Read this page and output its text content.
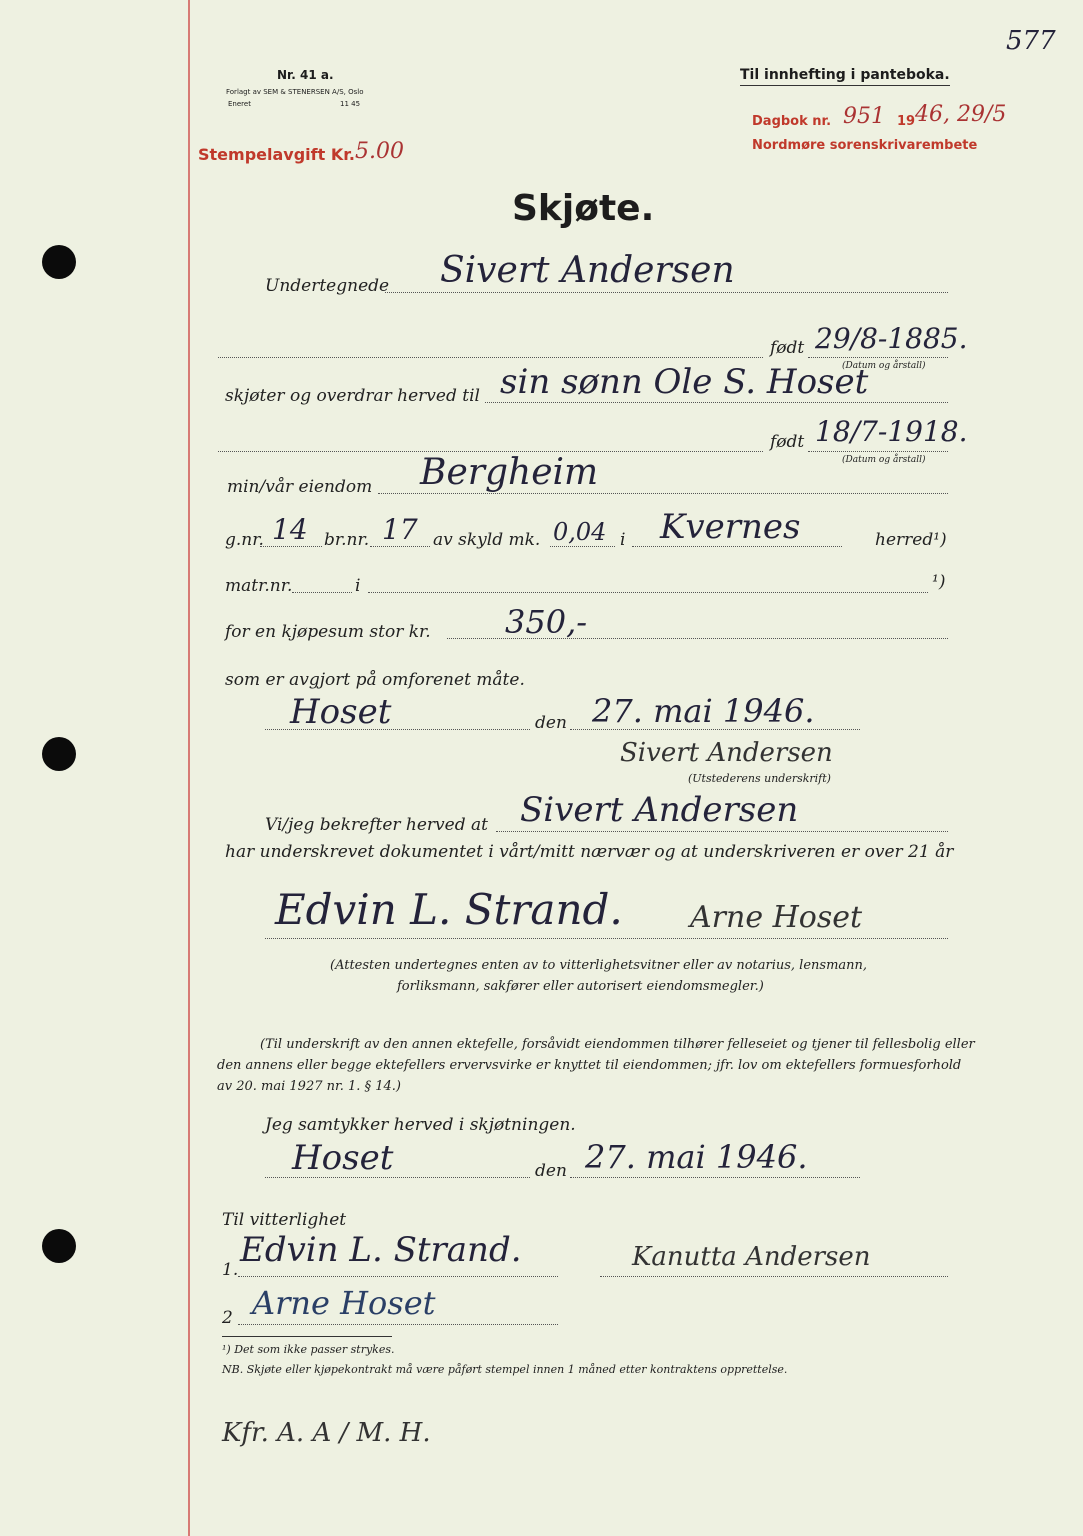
577
Nr. 41 a.
Forlagt av SEM & STENERSEN A/S, Oslo
Eneret	11 45
Til innhefting i panteboka.
Stempelavgift Kr. 5.00
Dagbok nr. 951 19 46, 29/5
Nordmøre sorenskrivarembete
Skjøte.
Undertegnede Sivert Andersen
født 29/8-1885.
(Datum og årstall)
skjøter og overdrar herved til sin sønn Ole S. Hoset
født 18/7-1918.
(Datum og årstall)
min/vår eiendom Bergheim
g.nr. 14 br.nr. 17 av skyld mk. 0,04 i Kvernes	herred¹)
matr.nr.	i	¹)
for en kjøpesum stor kr. 350,-
som er avgjort på omforenet måte.
Hoset	den 27. mai 1946.
Sivert Andersen
(Utstederens underskrift)
Vi/jeg bekrefter herved at Sivert Andersen
har underskrevet dokumentet i vårt/mitt nærvær og at underskriveren er over 21 år
Edvin L. Strand. Arne Hoset
(Attesten undertegnes enten av to vitterlighetsvitner eller av notarius, lensmann,
forliksmann, sakfører eller autorisert eiendomsmegler.)
(Til underskrift av den annen ektefelle, forsåvidt eiendommen tilhører felleseiet og tjener til fellesbolig eller
den annens eller begge ektefellers ervervsvirke er knyttet til eiendommen; jfr. lov om ektefellers formuesforhold
av 20. mai 1927 nr. 1. § 14.)
Jeg samtykker herved i skjøtningen.
Hoset	den 27. mai 1946.
Til vitterlighet
1. Edvin L. Strand.	Kanutta Andersen
2 Arne Hoset
¹) Det som ikke passer strykes.
NB. Skjøte eller kjøpekontrakt må være påført stempel innen 1 måned etter kontraktens opprettelse.
Kfr. A. A / M. H.
